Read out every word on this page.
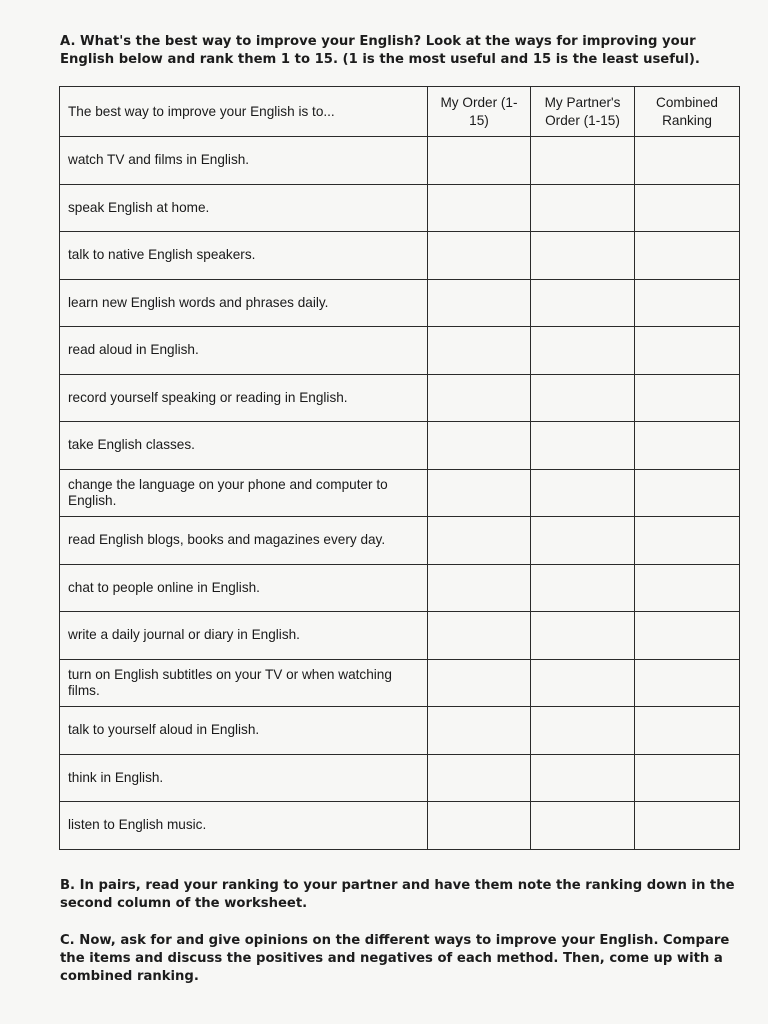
A. What's the best way to improve your English? Look at the ways for improving your English below and rank them 1 to 15. (1 is the most useful and 15 is the least useful).
The best way to improve your English is to...	My Order (1-15)	My Partner's Order (1-15)	Combined Ranking
watch TV and films in English.			
speak English at home.			
talk to native English speakers.			
learn new English words and phrases daily.			
read aloud in English.			
record yourself speaking or reading in English.			
take English classes.			
change the language on your phone and computer to English.			
read English blogs, books and magazines every day.			
chat to people online in English.			
write a daily journal or diary in English.			
turn on English subtitles on your TV or when watching films.			
talk to yourself aloud in English.			
think in English.			
listen to English music.			
B. In pairs, read your ranking to your partner and have them note the ranking down in the second column of the worksheet.
C. Now, ask for and give opinions on the different ways to improve your English. Compare the items and discuss the positives and negatives of each method. Then, come up with a combined ranking.
